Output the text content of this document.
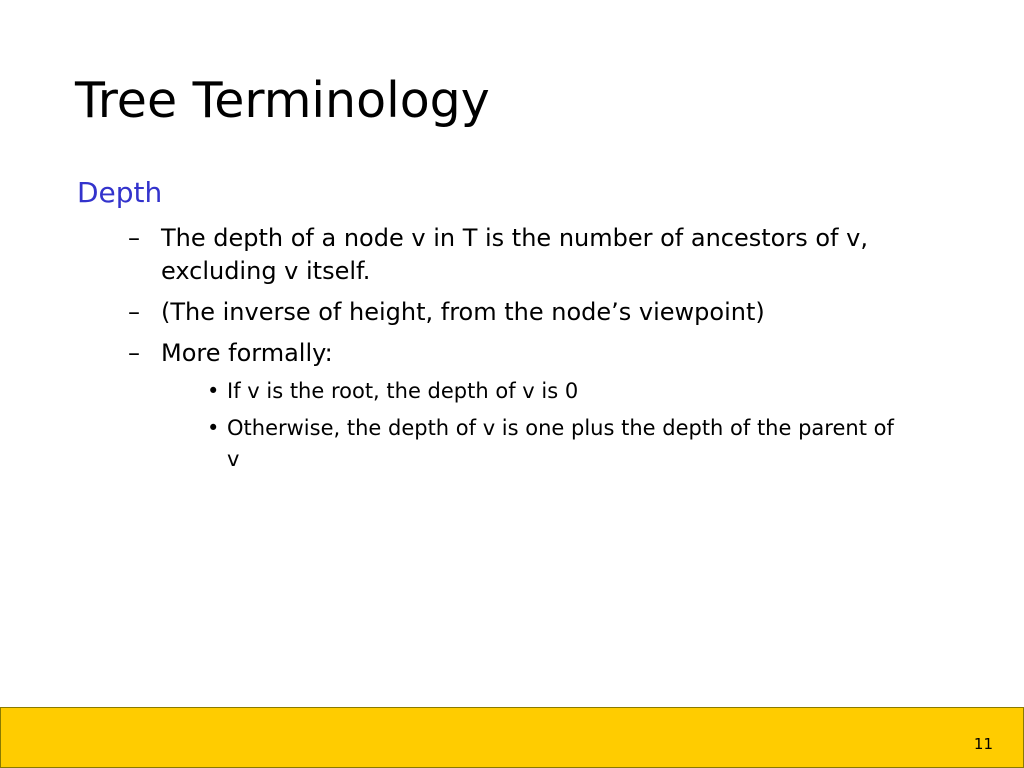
Tree Terminology
Depth
– The depth of a node v in T is the number of ancestors of v, excluding v itself.
– (The inverse of height, from the node’s viewpoint)
– More formally:
• If v is the root, the depth of v is 0
• Otherwise, the depth of v is one plus the depth of the parent of v
11
